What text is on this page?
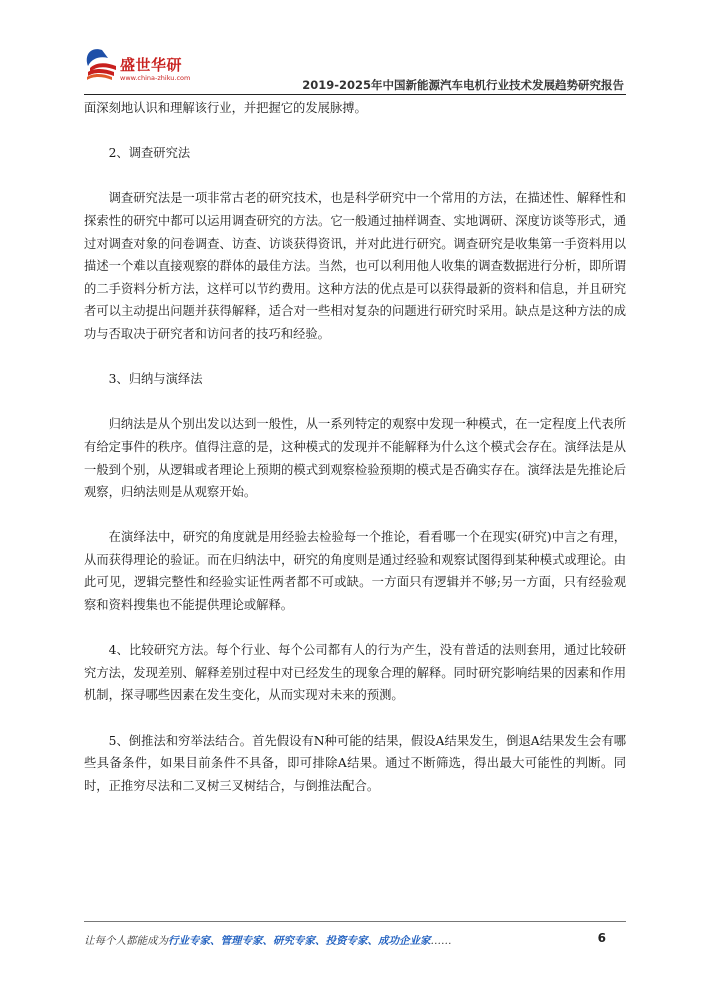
盛世华研
www.china-zhiku.com	2019-2025年中国新能源汽车电机行业技术发展趋势研究报告

面深刻地认识和理解该行业，并把握它的发展脉搏。

2、调查研究法

调查研究法是一项非常古老的研究技术，也是科学研究中一个常用的方法，在描述性、解释性和探索性的研究中都可以运用调查研究的方法。它一般通过抽样调查、实地调研、深度访谈等形式，通过对调查对象的问卷调查、访查、访谈获得资讯，并对此进行研究。调查研究是收集第一手资料用以描述一个难以直接观察的群体的最佳方法。当然，也可以利用他人收集的调查数据进行分析，即所谓的二手资料分析方法，这样可以节约费用。这种方法的优点是可以获得最新的资料和信息，并且研究者可以主动提出问题并获得解释，适合对一些相对复杂的问题进行研究时采用。缺点是这种方法的成功与否取决于研究者和访问者的技巧和经验。

3、归纳与演绎法

归纳法是从个别出发以达到一般性，从一系列特定的观察中发现一种模式，在一定程度上代表所有给定事件的秩序。值得注意的是，这种模式的发现并不能解释为什么这个模式会存在。演绎法是从一般到个别，从逻辑或者理论上预期的模式到观察检验预期的模式是否确实存在。演绎法是先推论后观察，归纳法则是从观察开始。

在演绎法中，研究的角度就是用经验去检验每一个推论，看看哪一个在现实(研究)中言之有理，从而获得理论的验证。而在归纳法中，研究的角度则是通过经验和观察试图得到某种模式或理论。由此可见，逻辑完整性和经验实证性两者都不可或缺。一方面只有逻辑并不够;另一方面，只有经验观察和资料搜集也不能提供理论或解释。

4、比较研究方法。每个行业、每个公司都有人的行为产生，没有普适的法则套用，通过比较研究方法，发现差别、解释差别过程中对已经发生的现象合理的解释。同时研究影响结果的因素和作用机制，探寻哪些因素在发生变化，从而实现对未来的预测。

5、倒推法和穷举法结合。首先假设有N种可能的结果，假设A结果发生，倒退A结果发生会有哪些具备条件，如果目前条件不具备，即可排除A结果。通过不断筛选，得出最大可能性的判断。同时，正推穷尽法和二叉树三叉树结合，与倒推法配合。

让每个人都能成为行业专家、管理专家、研究专家、投资专家、成功企业家……	6
